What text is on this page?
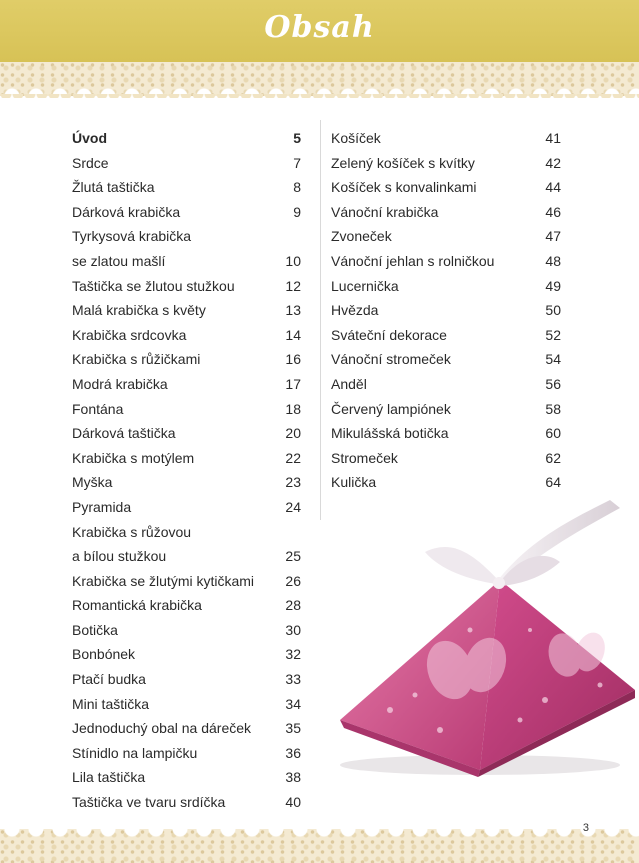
Obsah
Úvod	5
Srdce	7
Žlutá taštička	8
Dárková krabička	9
Tyrkysová krabička
se zlatou mašlí	10
Taštička se žlutou stužkou	12
Malá krabička s květy	13
Krabička srdcovka	14
Krabička s růžičkami	16
Modrá krabička	17
Fontána	18
Dárková taštička	20
Krabička s motýlem	22
Myška	23
Pyramida	24
Krabička s růžovou
a bílou stužkou	25
Krabička se žlutými kytičkami	26
Romantická krabička	28
Botička	30
Bonbónek	32
Ptačí budka	33
Mini taštička	34
Jednoduchý obal na dáreček	35
Stínidlo na lampičku	36
Lila taštička	38
Taštička ve tvaru srdíčka	40
Košíček	41
Zelený košíček s kvítky	42
Košíček s konvalinkami	44
Vánoční krabička	46
Zvoneček	47
Vánoční jehlan s rolničkou	48
Lucernička	49
Hvězda	50
Sváteční dekorace	52
Vánoční stromeček	54
Anděl	56
Červený lampiónek	58
Mikulášská botička	60
Stromeček	62
Kulička	64
3
